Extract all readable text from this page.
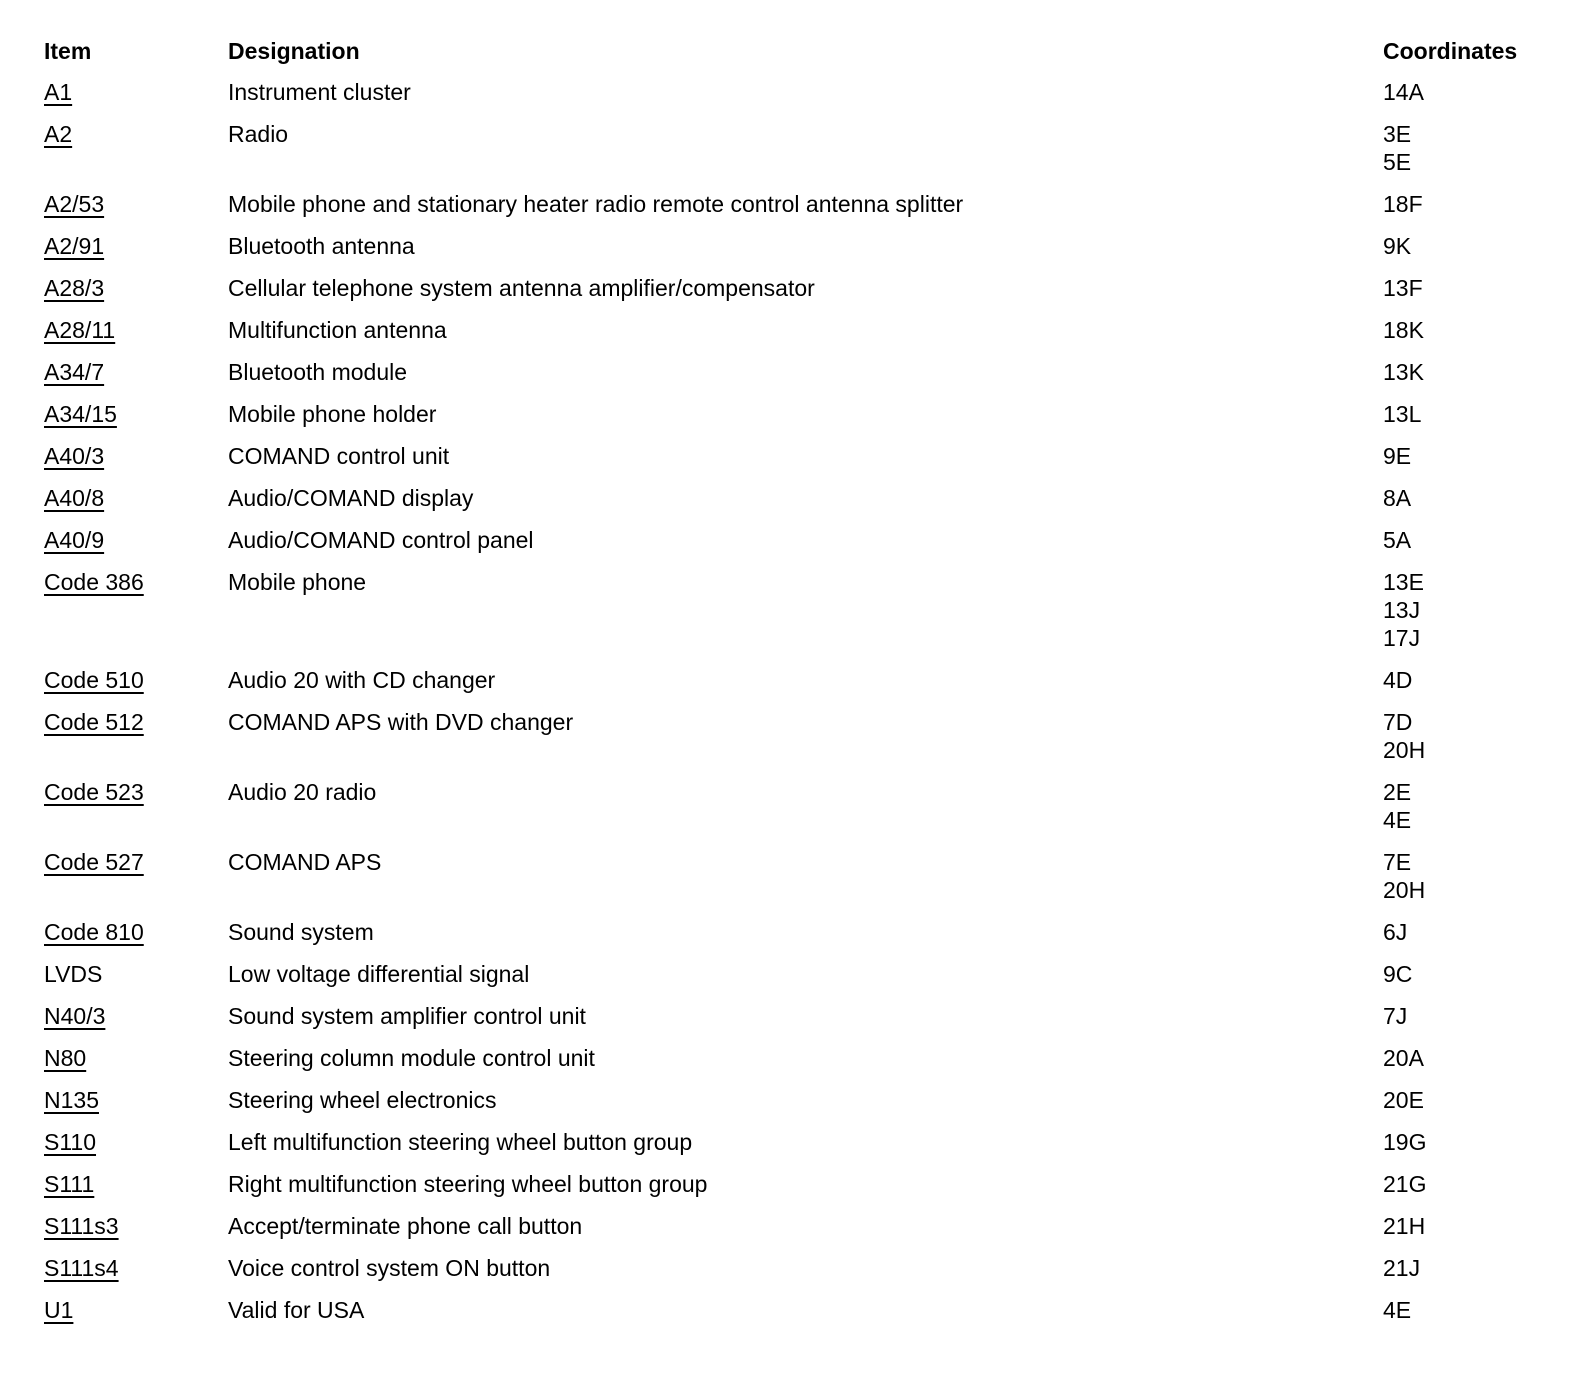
Item	Designation	Coordinates
A1	Instrument cluster	14A
A2	Radio	3E
5E
A2/53	Mobile phone and stationary heater radio remote control antenna splitter	18F
A2/91	Bluetooth antenna	9K
A28/3	Cellular telephone system antenna amplifier/compensator	13F
A28/11	Multifunction antenna	18K
A34/7	Bluetooth module	13K
A34/15	Mobile phone holder	13L
A40/3	COMAND control unit	9E
A40/8	Audio/COMAND display	8A
A40/9	Audio/COMAND control panel	5A
Code 386	Mobile phone	13E
13J
17J
Code 510	Audio 20 with CD changer	4D
Code 512	COMAND APS with DVD changer	7D
20H
Code 523	Audio 20 radio	2E
4E
Code 527	COMAND APS	7E
20H
Code 810	Sound system	6J
LVDS	Low voltage differential signal	9C
N40/3	Sound system amplifier control unit	7J
N80	Steering column module control unit	20A
N135	Steering wheel electronics	20E
S110	Left multifunction steering wheel button group	19G
S111	Right multifunction steering wheel button group	21G
S111s3	Accept/terminate phone call button	21H
S111s4	Voice control system ON button	21J
U1	Valid for USA	4E
